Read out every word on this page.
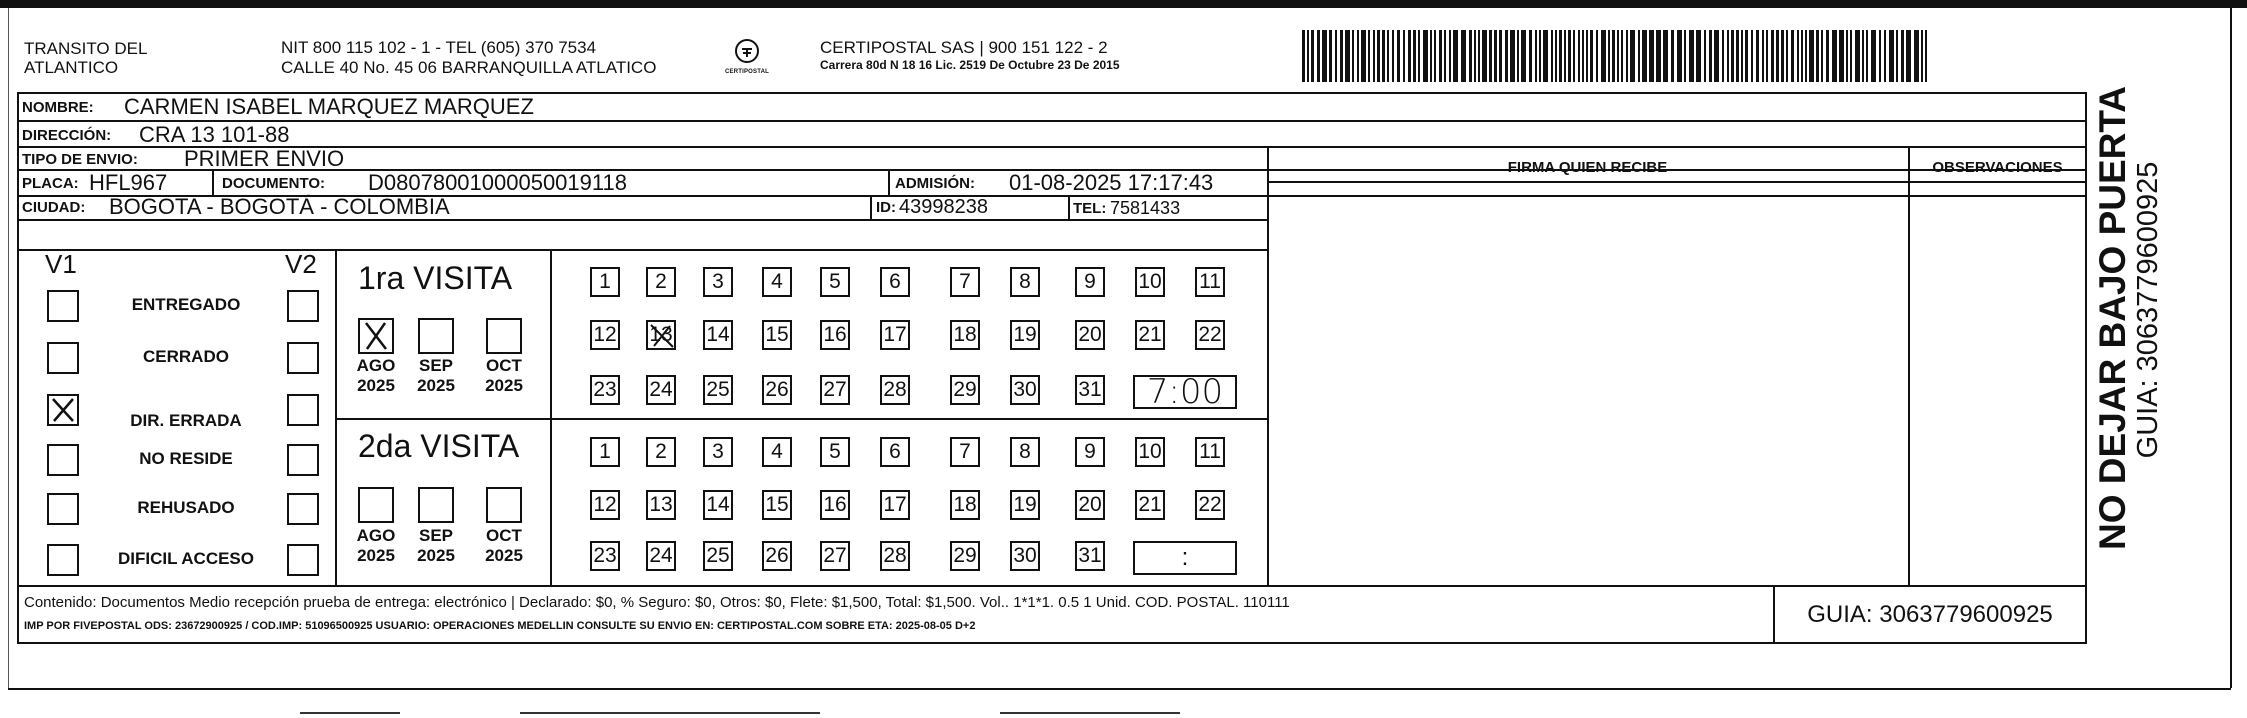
TRANSITO DEL
ATLANTICO
NIT 800 115 102 - 1 - TEL (605) 370 7534
CALLE 40 No. 45 06 BARRANQUILLA ATLATICO	CERTIPOSTAL
CERTIPOSTAL SAS | 900 151 122 - 2
Carrera 80d N 18 16 Lic. 2519 De Octubre 23 De 2015
NOMBRE: CARMEN ISABEL MARQUEZ MARQUEZ
DIRECCIÓN: CRA 13 101-88
TIPO DE ENVIO: PRIMER ENVIO
PLACA: HFL967	DOCUMENTO: D08078001000050019118	ADMISIÓN: 01-08-2025 17:17:43
CIUDAD: BOGOTA - BOGOTÁ - COLOMBIA	ID: 43998238	TEL: 7581433
FIRMA QUIEN RECIBE	OBSERVACIONES
V1	V2
ENTREGADO
CERRADO
DIR. ERRADA
NO RESIDE
REHUSADO
DIFICIL ACCESO
1ra VISITA
2da VISITA
AGO
2025
SEP
2025
OCT
2025
AGO
2025
SEP
2025
OCT
2025
1 2 3 4 5 6	7 8	9 10 11
12 13 14 15 16 17 18 19 20 21 22
23 24 25 26 27 28 29 30 31 7:00
1 2 3 4 5 6	7 8	9 10 11
12 13 14 15 16 17 18 19 20 21 22
23 24 25 26 27 28 29 30 31	:
Contenido: Documentos Medio recepción prueba de entrega: electrónico | Declarado: $0, % Seguro: $0, Otros: $0, Flete: $1,500, Total: $1,500. Vol.. 1*1*1. 0.5 1 Unid. COD. POSTAL. 110111
IMP POR FIVEPOSTAL ODS: 23672900925 / COD.IMP: 51096500925 USUARIO: OPERACIONES MEDELLIN CONSULTE SU ENVIO EN: CERTIPOSTAL.COM SOBRE ETA: 2025-08-05 D+2	GUIA: 3063779600925
NO DEJAR BAJO PUERTA GUIA: 3063779600925
